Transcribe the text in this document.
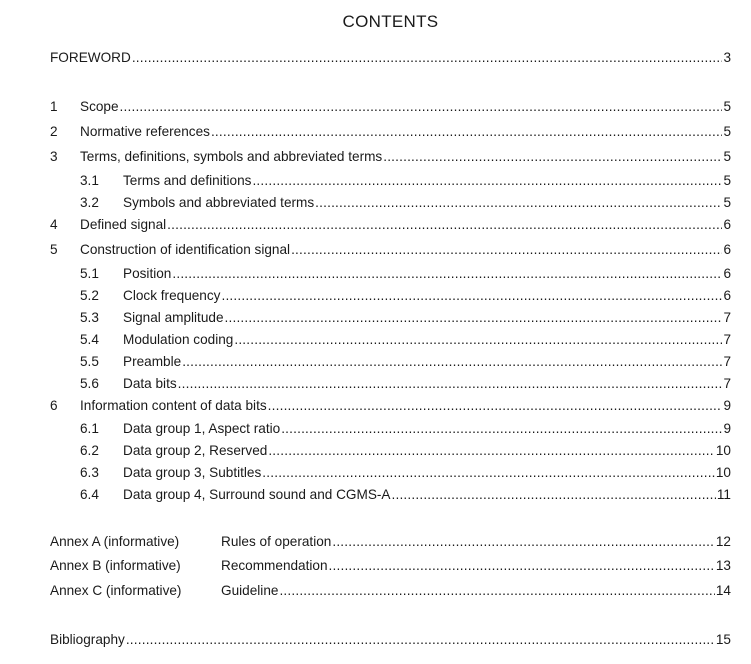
CONTENTS
FOREWORD .....	3
1	Scope .....	5
2	Normative references .....	5
3	Terms, definitions, symbols and abbreviated terms .....	5
3.1	Terms and definitions .....	5
3.2	Symbols and abbreviated terms .....	5
4	Defined signal .....	6
5	Construction of identification signal .....	6
5.1	Position .....	6
5.2	Clock frequency .....	6
5.3	Signal amplitude .....	7
5.4	Modulation coding .....	7
5.5	Preamble .....	7
5.6	Data bits .....	7
6	Information content of data bits .....	9
6.1	Data group 1, Aspect ratio .....	9
6.2	Data group 2, Reserved .....	10
6.3	Data group 3, Subtitles .....	10
6.4	Data group 4, Surround sound and CGMS-A .....	11
Annex A (informative)	Rules of operation .....	12
Annex B (informative)	Recommendation .....	13
Annex C (informative)	Guideline .....	14
Bibliography .....	15
